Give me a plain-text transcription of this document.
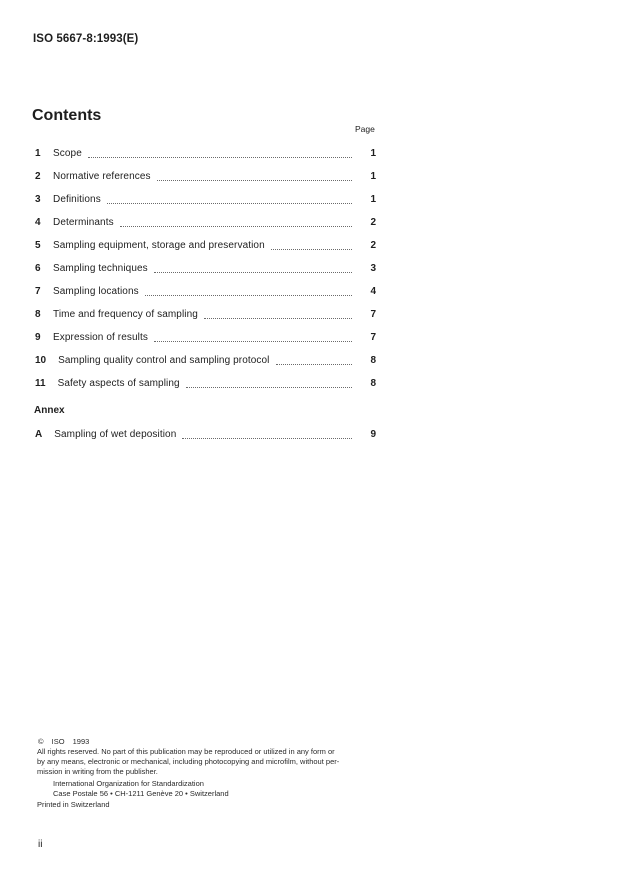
ISO 5667-8:1993(E)
Contents
Page
1 Scope	1
2 Normative references	1
3 Definitions	1
4 Determinants	2
5 Sampling equipment, storage and preservation	2
6 Sampling techniques	3
7 Sampling locations	4
8 Time and frequency of sampling	7
9 Expression of results	7
10 Sampling quality control and sampling protocol	8
11 Safety aspects of sampling	8
Annex
A Sampling of wet deposition	9
© ISO 1993
All rights reserved. No part of this publication may be reproduced or utilized in any form or
by any means, electronic or mechanical, including photocopying and microfilm, without per-
mission in writing from the publisher.
International Organization for Standardization
Case Postale 56 • CH-1211 Genève 20 • Switzerland
Printed in Switzerland
ii
